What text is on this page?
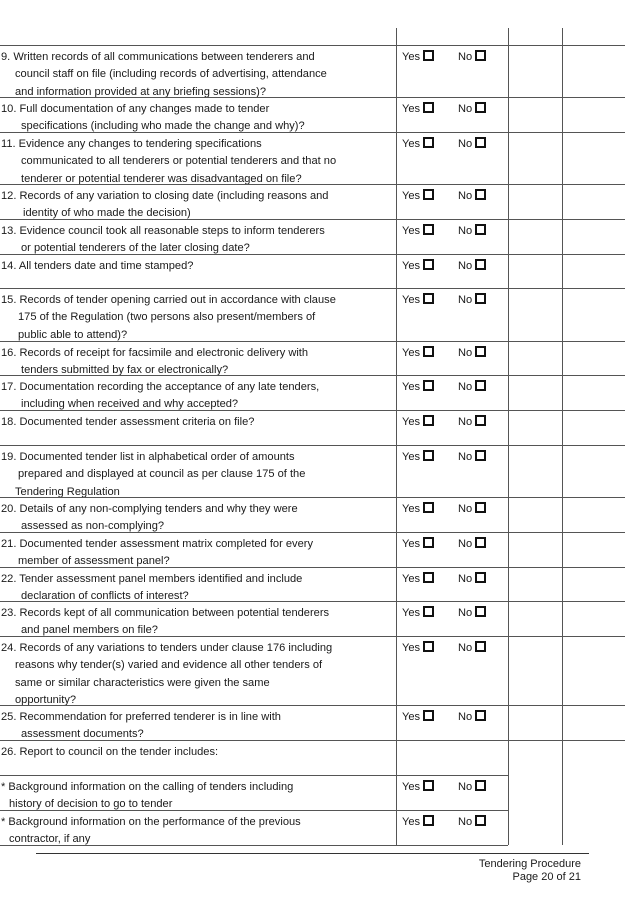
9. Written records of all communications between tenderers and
council staff on file (including records of advertising, attendance
and information provided at any briefing sessions)?
Yes	No
10. Full documentation of any changes made to tender
specifications (including who made the change and why)?
Yes	No
11. Evidence any changes to tendering specifications
communicated to all tenderers or potential tenderers and that no
tenderer or potential tenderer was disadvantaged on file?
Yes	No
12. Records of any variation to closing date (including reasons and
identity of who made the decision)
Yes	No
13. Evidence council took all reasonable steps to inform tenderers
or potential tenderers of the later closing date?
Yes	No
14. All tenders date and time stamped?	Yes	No
15. Records of tender opening carried out in accordance with clause
175 of the Regulation (two persons also present/members of
public able to attend)?
Yes	No
16. Records of receipt for facsimile and electronic delivery with
tenders submitted by fax or electronically?
Yes	No
17. Documentation recording the acceptance of any late tenders,
including when received and why accepted?
Yes	No
18. Documented tender assessment criteria on file?	Yes	No
19. Documented tender list in alphabetical order of amounts
prepared and displayed at council as per clause 175 of the
Tendering Regulation
Yes	No
20. Details of any non-complying tenders and why they were
assessed as non-complying?
Yes	No
21. Documented tender assessment matrix completed for every
member of assessment panel?
Yes	No
22. Tender assessment panel members identified and include
declaration of conflicts of interest?
Yes	No
23. Records kept of all communication between potential tenderers
and panel members on file?
Yes	No
24. Records of any variations to tenders under clause 176 including
reasons why tender(s) varied and evidence all other tenders of
same or similar characteristics were given the same
opportunity?
Yes	No
25. Recommendation for preferred tenderer is in line with
assessment documents?
Yes	No
26. Report to council on the tender includes:
* Background information on the calling of tenders including
history of decision to go to tender
Yes	No
* Background information on the performance of the previous
contractor, if any
Yes	No
Tendering Procedure
Page 20 of 21
